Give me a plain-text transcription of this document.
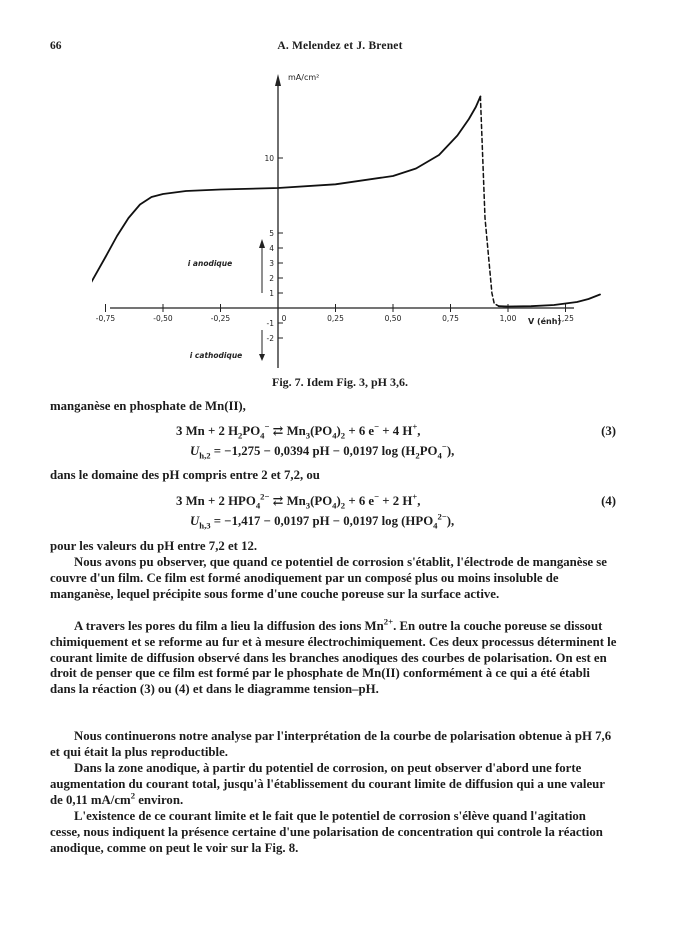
66	A. Melendez et J. Brenet
-0,75	-0,50	-0,25	0	0,25	0,50	0,75	1,00	1,25
1
2
3
4
5
10
-1
-2
mA/cm²
V (énh)
i anodique
i cathodique
Fig. 7. Idem Fig. 3, pH 3,6.

manganèse en phosphate de Mn(II),

3 Mn + 2 $H_2PO_4^-$ ⇄ $Mn_3(PO_4)_2 + 6$ e− + 4 H+,	(3)
$U_{h,2} = -1,275 - 0,0394$ pH − 0,0197 $\log (H_2PO_4^-)$,

dans le domaine des pH compris entre 2 et 7,2, ou

3 Mn + 2 $HPO_4^{2-}$ ⇄ $Mn_3(PO_4)_2 + 6$ e− + 2 H+,	(4)
$U_{h,3} = -1,417 - 0,0197$ pH − 0,0197 $\log (HPO_4^{2-})$,

pour les valeurs du pH entre 7,2 et 12.

Nous avons pu observer, que quand ce potentiel de corrosion s'établit, l'électrode de manganèse se couvre d'un film. Ce film est formé anodiquement par un composé plus ou moins insoluble de manganèse, lequel précipite sous forme d'une couche poreuse sur la surface active.

A travers les pores du film a lieu la diffusion des ions $Mn^{2+}$. En outre la couche poreuse se dissout chimiquement et se reforme au fur et à mesure électrochimiquement. Ces deux processus déterminent le courant limite de diffusion observé dans les branches anodiques des courbes de polarisation. On est en droit de penser que ce film est formé par le phosphate de Mn(II) conformément à ce qui a été établi dans la réaction (3) ou (4) et dans le diagramme tension–pH.

Nous continuerons notre analyse par l'interprétation de la courbe de polarisation obtenue à pH 7,6 et qui était la plus reproductible.

Dans la zone anodique, à partir du potentiel de corrosion, on peut observer d'abord une forte augmentation du courant total, jusqu'à l'établissement du courant limite de diffusion qui a une valeur de 0,11 $mA/cm^2$ environ.

L'existence de ce courant limite et le fait que le potentiel de corrosion s'élève quand l'agitation cesse, nous indiquent la présence certaine d'une polarisation de concentration qui controle la réaction anodique, comme on peut le voir sur la Fig. 8.
